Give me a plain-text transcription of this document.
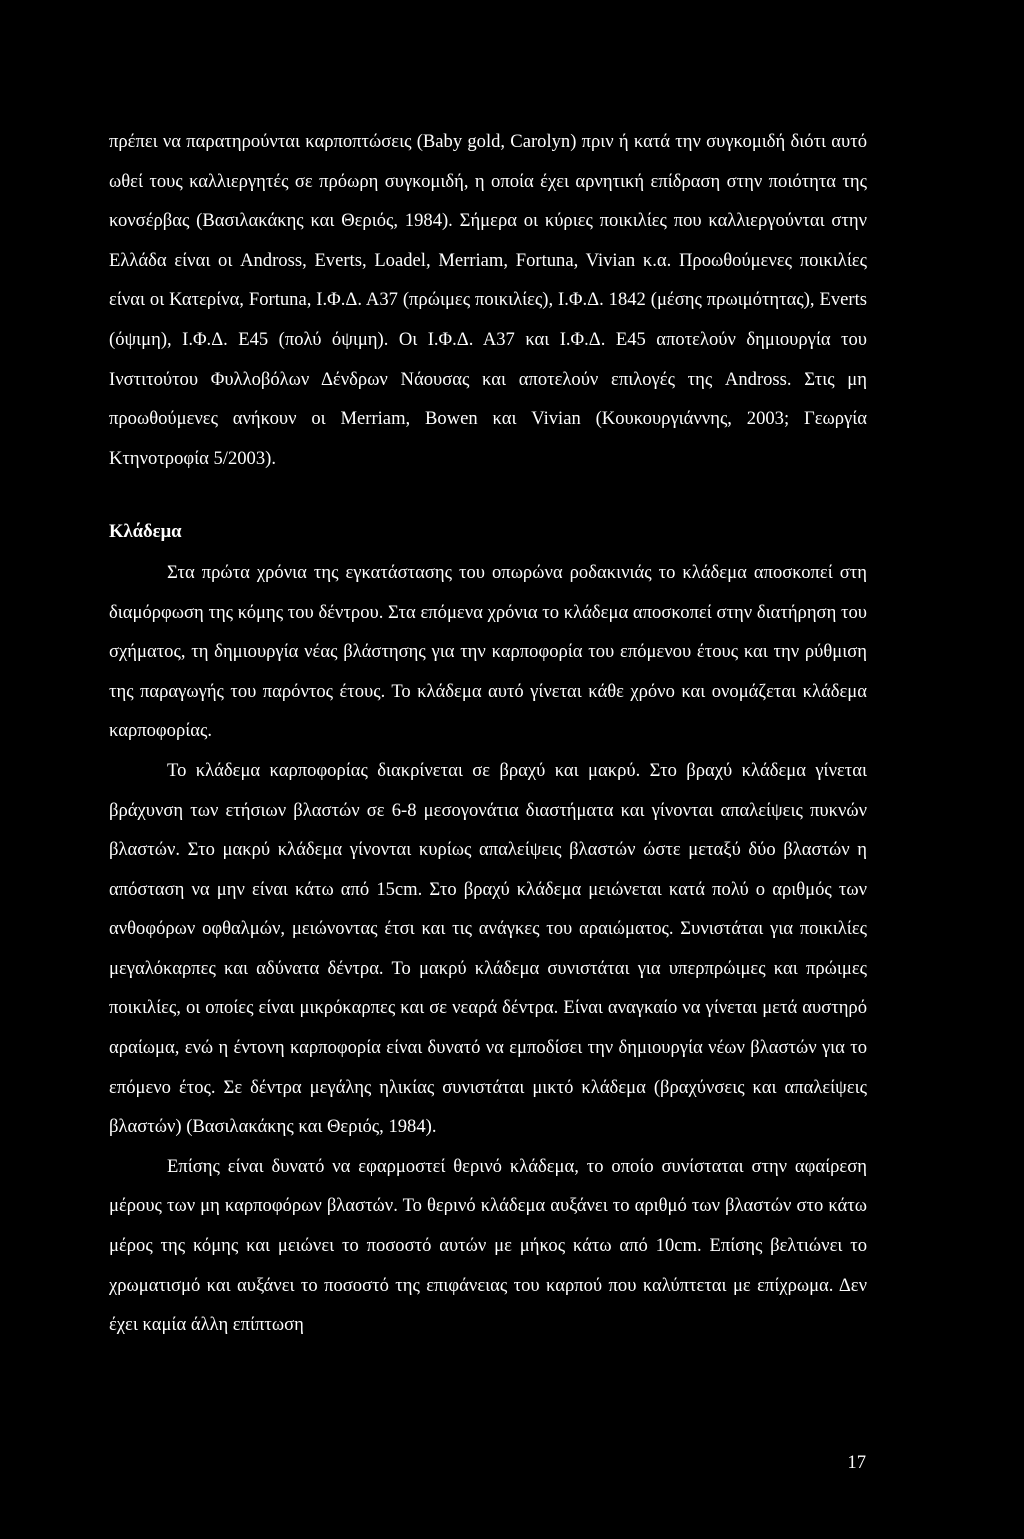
πρέπει να παρατηρούνται καρποπτώσεις (Baby gold, Carolyn) πριν ή κατά την συγκομιδή διότι αυτό ωθεί τους καλλιεργητές σε πρόωρη συγκομιδή, η οποία έχει αρνητική επίδραση στην ποιότητα της κονσέρβας (Βασιλακάκης και Θεριός, 1984). Σήμερα οι κύριες ποικιλίες που καλλιεργούνται στην Ελλάδα είναι οι Andross, Everts, Loadel, Merriam, Fortuna, Vivian κ.α. Προωθούμενες ποικιλίες είναι οι Κατερίνα, Fortuna, Ι.Φ.Δ. Α37 (πρώιμες ποικιλίες), Ι.Φ.Δ. 1842 (μέσης πρωιμότητας), Everts (όψιμη), Ι.Φ.Δ. Ε45 (πολύ όψιμη). Οι Ι.Φ.Δ. Α37 και Ι.Φ.Δ. Ε45 αποτελούν δημιουργία του Ινστιτούτου Φυλλοβόλων Δένδρων Νάουσας και αποτελούν επιλογές της Andross. Στις μη προωθούμενες ανήκουν οι Merriam, Bowen και Vivian (Κουκουργιάννης, 2003; Γεωργία Κτηνοτροφία 5/2003).

Κλάδεμα

Στα πρώτα χρόνια της εγκατάστασης του οπωρώνα ροδακινιάς το κλάδεμα αποσκοπεί στη διαμόρφωση της κόμης του δέντρου. Στα επόμενα χρόνια το κλάδεμα αποσκοπεί στην διατήρηση του σχήματος, τη δημιουργία νέας βλάστησης για την καρποφορία του επόμενου έτους και την ρύθμιση της παραγωγής του παρόντος έτους. Το κλάδεμα αυτό γίνεται κάθε χρόνο και ονομάζεται κλάδεμα καρποφορίας.

Το κλάδεμα καρποφορίας διακρίνεται σε βραχύ και μακρύ. Στο βραχύ κλάδεμα γίνεται βράχυνση των ετήσιων βλαστών σε 6-8 μεσογονάτια διαστήματα και γίνονται απαλείψεις πυκνών βλαστών. Στο μακρύ κλάδεμα γίνονται κυρίως απαλείψεις βλαστών ώστε μεταξύ δύο βλαστών η απόσταση να μην είναι κάτω από 15cm. Στο βραχύ κλάδεμα μειώνεται κατά πολύ ο αριθμός των ανθοφόρων οφθαλμών, μειώνοντας έτσι και τις ανάγκες του αραιώματος. Συνιστάται για ποικιλίες μεγαλόκαρπες και αδύνατα δέντρα. Το μακρύ κλάδεμα συνιστάται για υπερπρώιμες και πρώιμες ποικιλίες, οι οποίες είναι μικρόκαρπες και σε νεαρά δέντρα. Είναι αναγκαίο να γίνεται μετά αυστηρό αραίωμα, ενώ η έντονη καρποφορία είναι δυνατό να εμποδίσει την δημιουργία νέων βλαστών για το επόμενο έτος. Σε δέντρα μεγάλης ηλικίας συνιστάται μικτό κλάδεμα (βραχύνσεις και απαλείψεις βλαστών) (Βασιλακάκης και Θεριός, 1984).

Επίσης είναι δυνατό να εφαρμοστεί θερινό κλάδεμα, το οποίο συνίσταται στην αφαίρεση μέρους των μη καρποφόρων βλαστών. Το θερινό κλάδεμα αυξάνει το αριθμό των βλαστών στο κάτω μέρος της κόμης και μειώνει το ποσοστό αυτών με μήκος κάτω από 10cm. Επίσης βελτιώνει το χρωματισμό και αυξάνει το ποσοστό της επιφάνειας του καρπού που καλύπτεται με επίχρωμα. Δεν έχει καμία άλλη επίπτωση

17
